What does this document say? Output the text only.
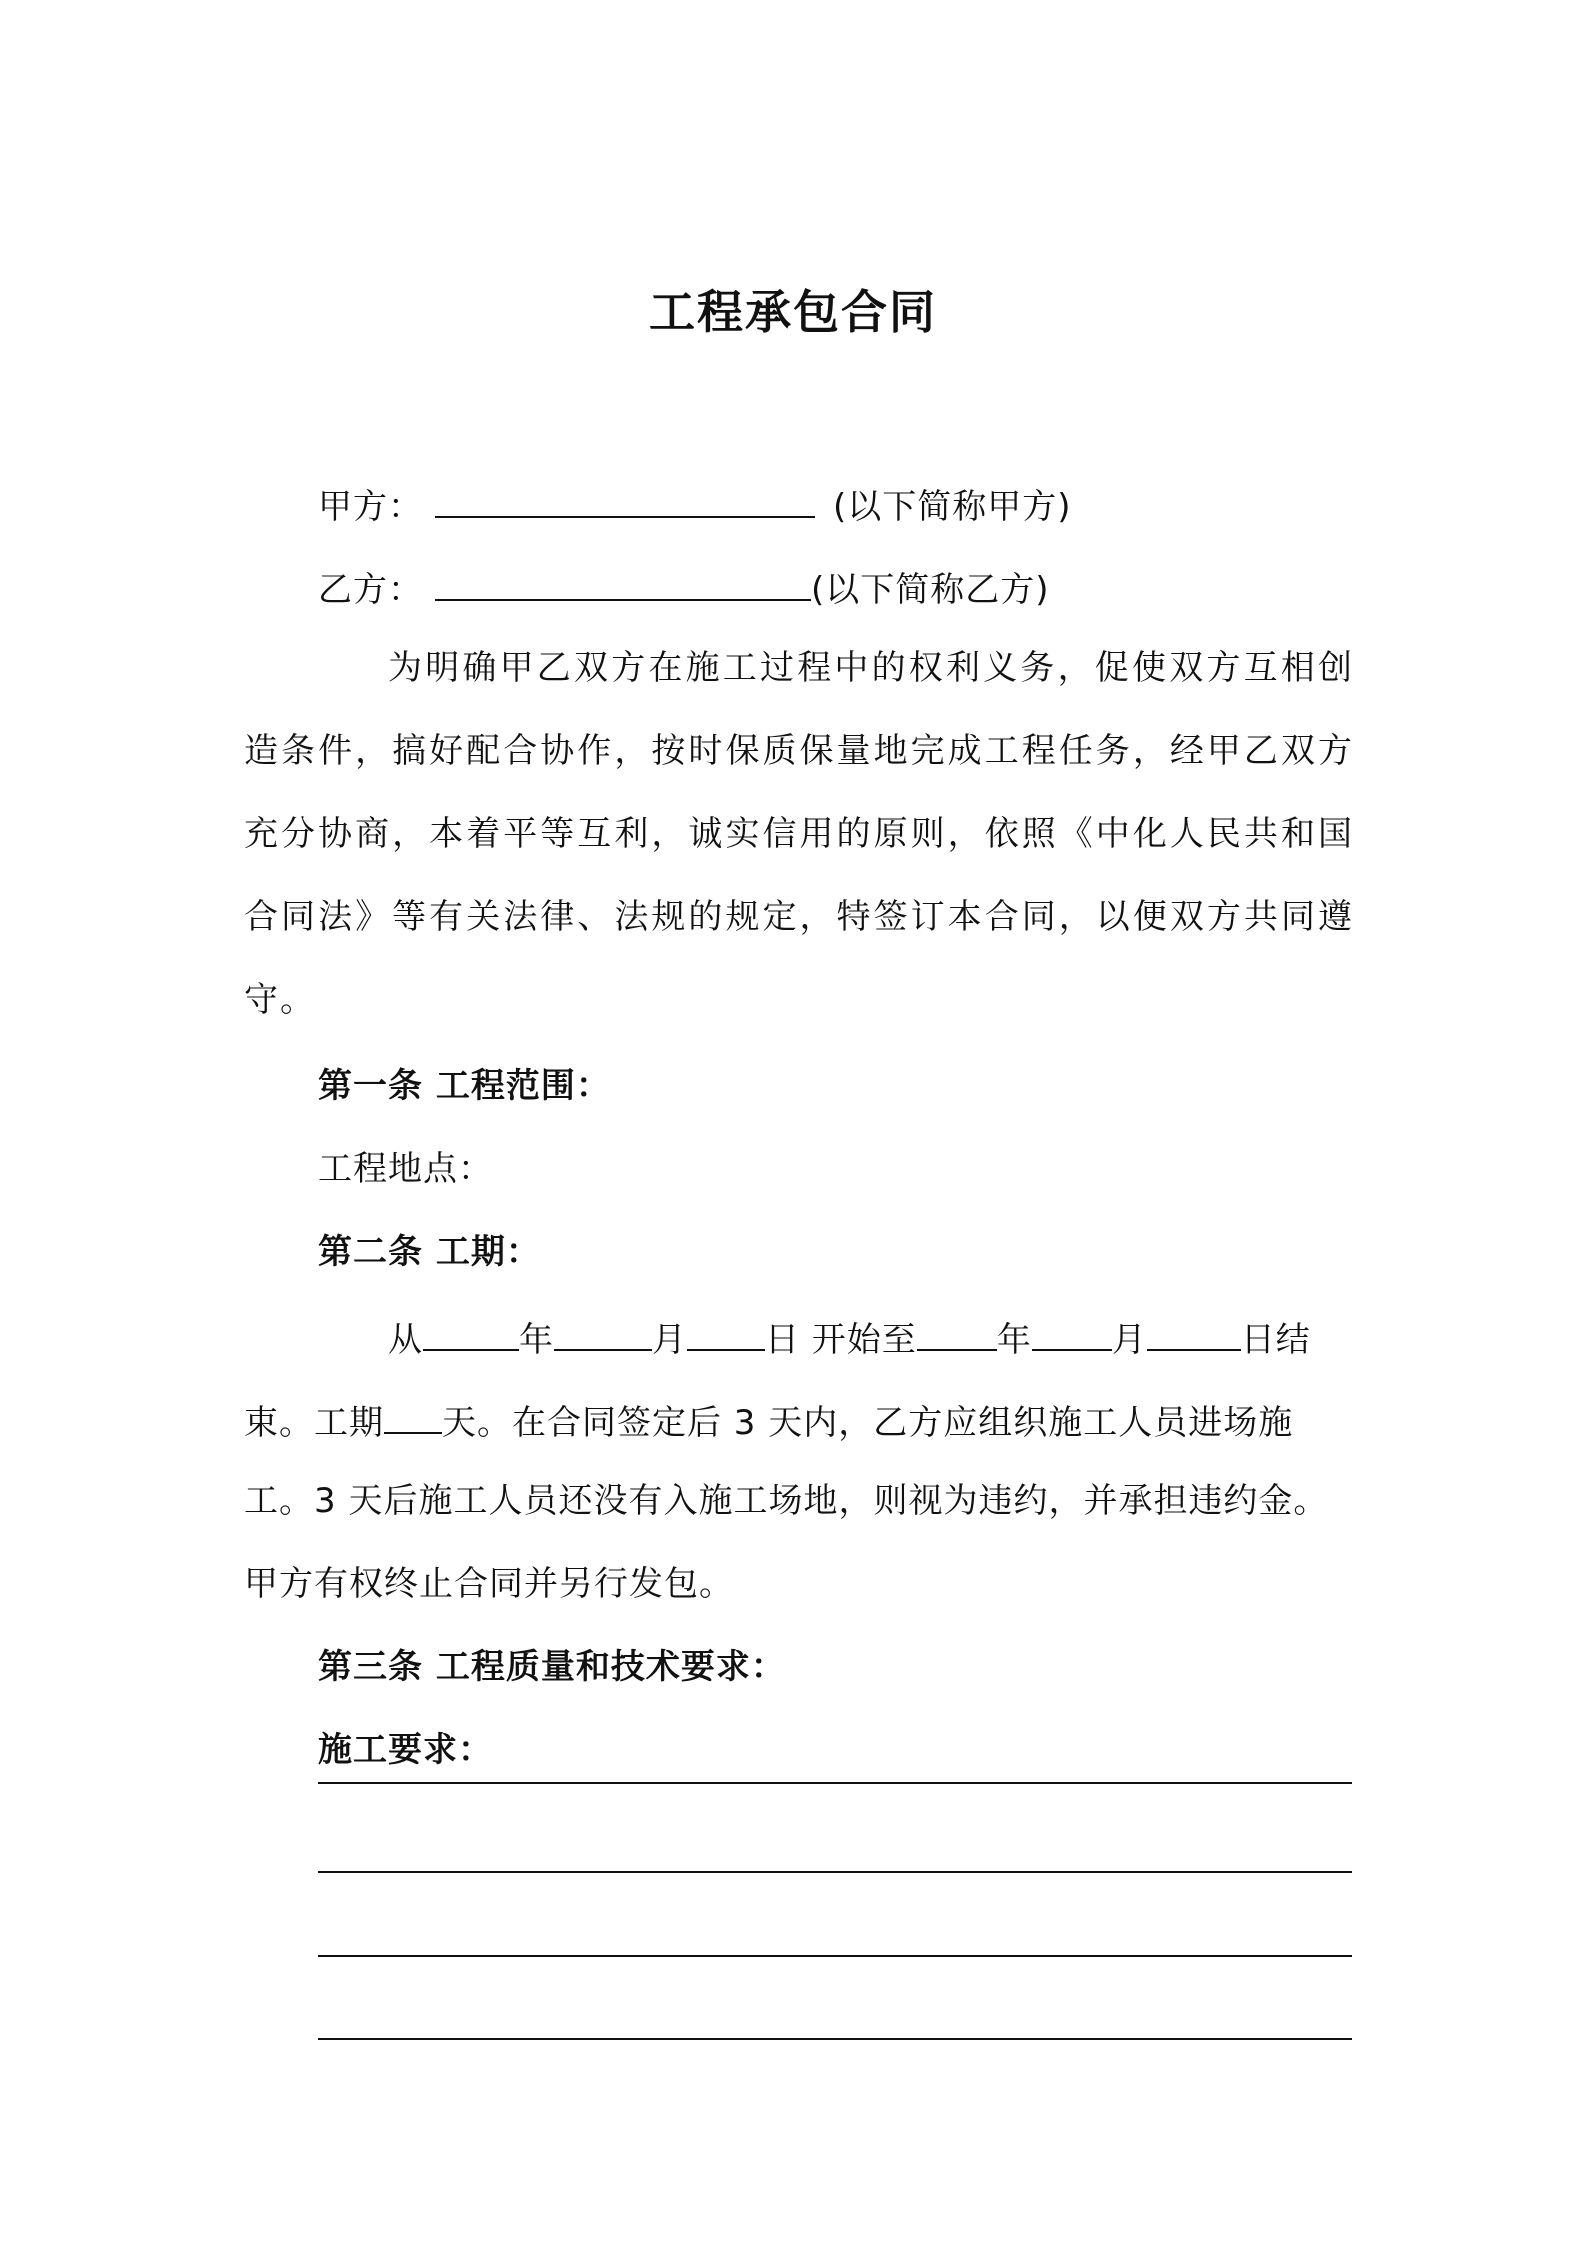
工程承包合同
甲方：	(以下简称甲方)
乙方：	(以下简称乙方)
为明确甲乙双方在施工过程中的权利义务，促使双方互相创造条件，搞好配合协作，按时保质保量地完成工程任务，经甲乙双方充分协商，本着平等互利，诚实信用的原则，依照《中化人民共和国合同法》等有关法律、法规的规定，特签订本合同，以便双方共同遵守。
第一条 工程范围：
工程地点：
第二条 工期：
从	年	月 日 开始至 年 月	日结
束。工期 天。在合同签定后 3 天内，乙方应组织施工人员进场施
工。3 天后施工人员还没有入施工场地，则视为违约，并承担违约金。
甲方有权终止合同并另行发包。
第三条 工程质量和技术要求：
施工要求：
